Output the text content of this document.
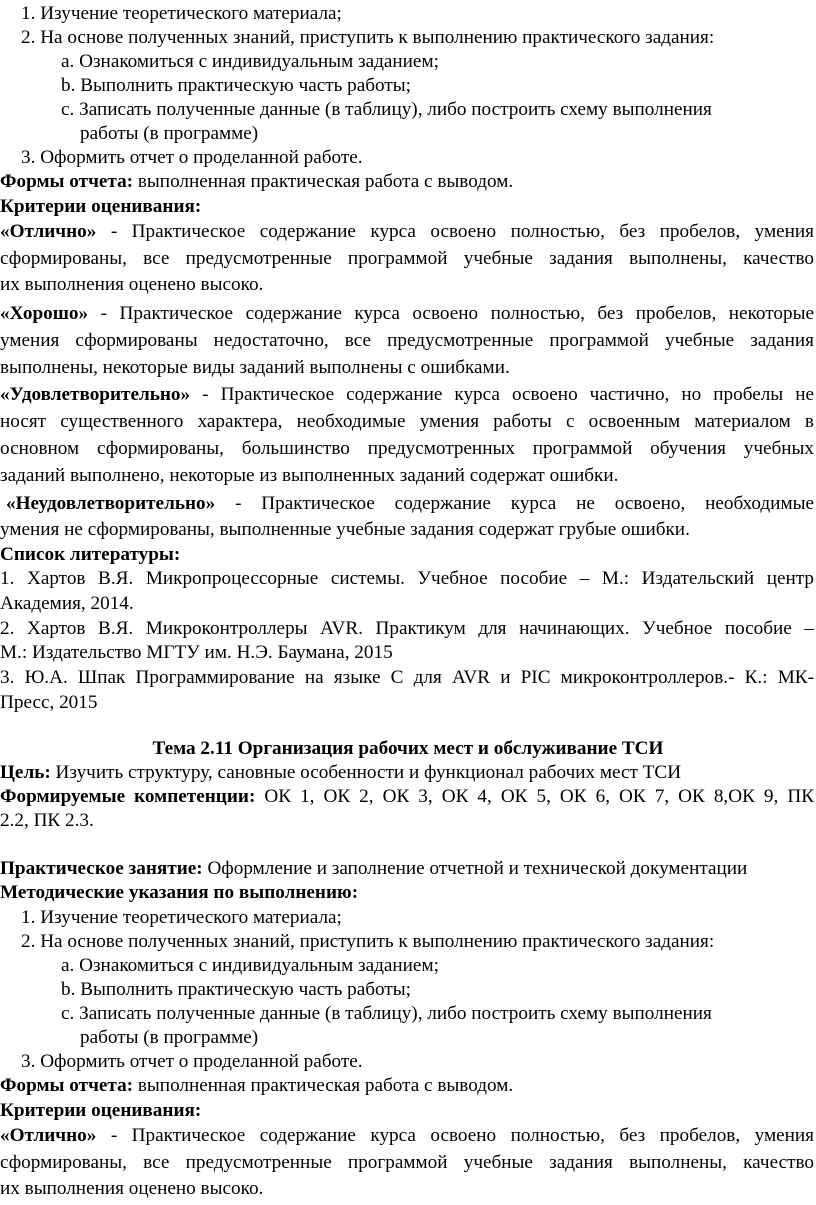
1. Изучение теоретического материала;
2. На основе полученных знаний, приступить к выполнению практического задания:
a. Ознакомиться с индивидуальным заданием;
b. Выполнить практическую часть работы;
c. Записать полученные данные (в таблицу), либо построить схему выполнения
работы (в программе)
3. Оформить отчет о проделанной работе.
Формы отчета: выполненная практическая работа с выводом.
Критерии оценивания:
«Отлично» - Практическое содержание курса освоено полностью, без пробелов, умения
сформированы, все предусмотренные программой учебные задания выполнены, качество
их выполнения оценено высоко.
«Хорошо» - Практическое содержание курса освоено полностью, без пробелов, некоторые
умения сформированы недостаточно, все предусмотренные программой учебные задания
выполнены, некоторые виды заданий выполнены с ошибками.
«Удовлетворительно» - Практическое содержание курса освоено частично, но пробелы не
носят существенного характера, необходимые умения работы с освоенным материалом в
основном сформированы, большинство предусмотренных программой обучения учебных
заданий выполнено, некоторые из выполненных заданий содержат ошибки.
«Неудовлетворительно» - Практическое содержание курса не освоено, необходимые
умения не сформированы, выполненные учебные задания содержат грубые ошибки.
Список литературы:
1. Хартов В.Я. Микропроцессорные системы. Учебное пособие – М.: Издательский центр
Академия, 2014.
2. Хартов В.Я. Микроконтроллеры AVR. Практикум для начинающих. Учебное пособие –
М.: Издательство МГТУ им. Н.Э. Баумана, 2015
3. Ю.А. Шпак Программирование на языке С для AVR и PIC микроконтроллеров.- К.: МК-
Пресс, 2015
Тема 2.11 Организация рабочих мест и обслуживание ТСИ
Цель: Изучить структуру, сановные особенности и функционал рабочих мест ТСИ
Формируемые компетенции: ОК 1, ОК 2, ОК 3, ОК 4, ОК 5, ОК 6, ОК 7, ОК 8,ОК 9, ПК
2.2, ПК 2.3.
Практическое занятие: Оформление и заполнение отчетной и технической документации
Методические указания по выполнению:
1. Изучение теоретического материала;
2. На основе полученных знаний, приступить к выполнению практического задания:
a. Ознакомиться с индивидуальным заданием;
b. Выполнить практическую часть работы;
c. Записать полученные данные (в таблицу), либо построить схему выполнения
работы (в программе)
3. Оформить отчет о проделанной работе.
Формы отчета: выполненная практическая работа с выводом.
Критерии оценивания:
«Отлично» - Практическое содержание курса освоено полностью, без пробелов, умения
сформированы, все предусмотренные программой учебные задания выполнены, качество
их выполнения оценено высоко.
